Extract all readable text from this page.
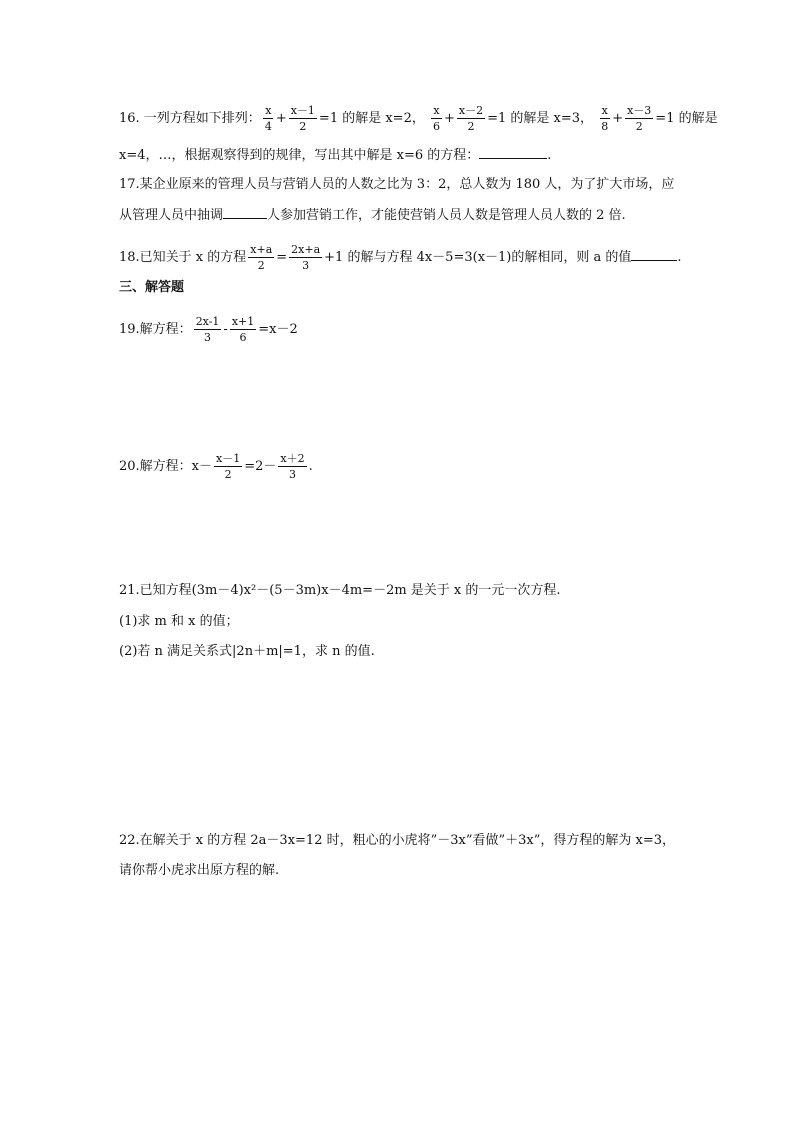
16. 一列方程如下排列： $\frac{x}{4} + \frac{x-1}{2} =1$ 的解是 x=2， $\frac{x}{6} + \frac{x-2}{2} =1$ 的解是 x=3， $\frac{x}{8} + \frac{x-3}{2} =1$ 的解是
x=4，…，根据观察得到的规律，写出其中解是 x=6 的方程：	.
17.某企业原来的管理人员与营销人员的人数之比为 3：2，总人数为 180 人，为了扩大市场，应
从管理人员中抽调	人参加营销工作，才能使营销人员人数是管理人员人数的 2 倍.
18.已知关于 x 的方程 $\frac{x+a}{2} = \frac{2x+a}{3} +1$ 的解与方程 4x－5=3(x－1)的解相同，则 a 的值	.
三、解答题
19.解方程： $\frac{2x-1}{3} - \frac{x+1}{6} =x-2$
20.解方程：$x- \frac{x-1}{2} =2- \frac{x+2}{3}$ .
21.已知方程(3m－4)x²－(5－3m)x－4m=－2m 是关于 x 的一元一次方程.
(1)求 m 和 x 的值；
(2)若 n 满足关系式|2n＋m|=1，求 n 的值.
22.在解关于 x 的方程 2a－3x=12 时，粗心的小虎将”－3x”看做”＋3x”，得方程的解为 x=3，
请你帮小虎求出原方程的解.
